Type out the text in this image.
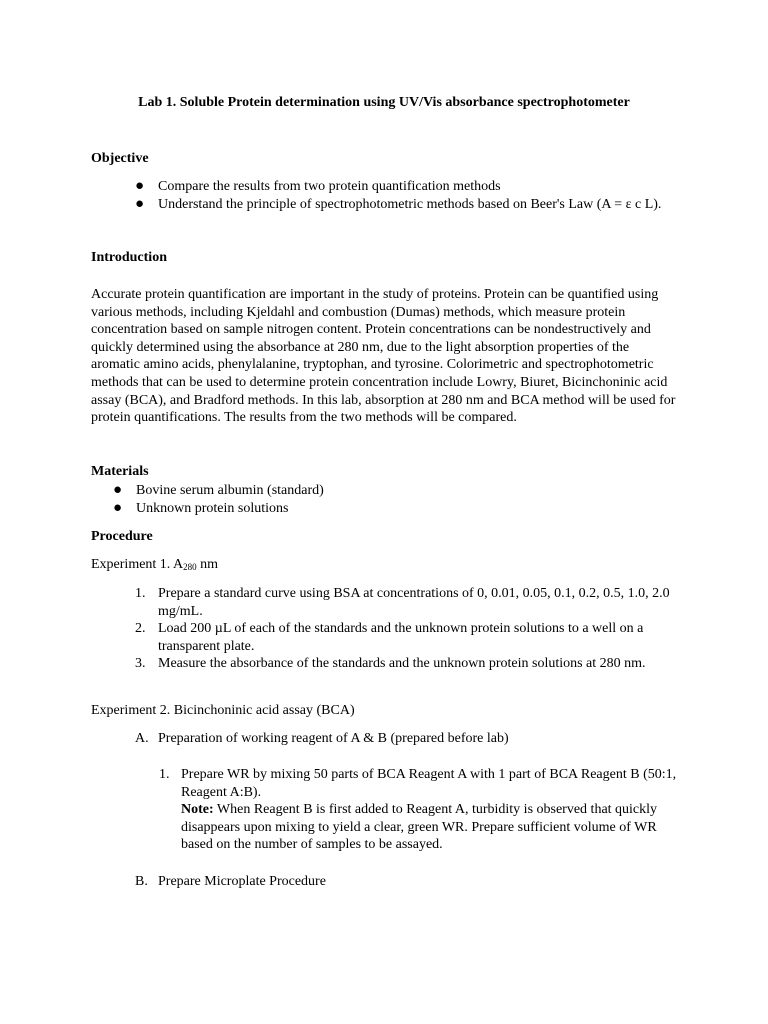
Lab 1. Soluble Protein determination using UV/Vis absorbance spectrophotometer

Objective

● Compare the results from two protein quantification methods
● Understand the principle of spectrophotometric methods based on Beer's Law (A = ε c L).

Introduction

Accurate protein quantification are important in the study of proteins. Protein can be quantified using various methods, including Kjeldahl and combustion (Dumas) methods, which measure protein concentration based on sample nitrogen content. Protein concentrations can be nondestructively and quickly determined using the absorbance at 280 nm, due to the light absorption properties of the aromatic amino acids, phenylalanine, tryptophan, and tyrosine. Colorimetric and spectrophotometric methods that can be used to determine protein concentration include Lowry, Biuret, Bicinchoninic acid assay (BCA), and Bradford methods. In this lab, absorption at 280 nm and BCA method will be used for protein quantifications. The results from the two methods will be compared.

Materials

● Bovine serum albumin (standard)
● Unknown protein solutions

Procedure

Experiment 1. $A_{280}$ nm

1. Prepare a standard curve using BSA at concentrations of 0, 0.01, 0.05, 0.1, 0.2, 0.5, 1.0, 2.0 mg/mL.
2. Load 200 µL of each of the standards and the unknown protein solutions to a well on a transparent plate.
3. Measure the absorbance of the standards and the unknown protein solutions at 280 nm.

Experiment 2. Bicinchoninic acid assay (BCA)

A. Preparation of working reagent of A & B (prepared before lab)
1. Prepare WR by mixing 50 parts of BCA Reagent A with 1 part of BCA Reagent B (50:1, Reagent A:B).
Note: When Reagent B is first added to Reagent A, turbidity is observed that quickly disappears upon mixing to yield a clear, green WR. Prepare sufficient volume of WR based on the number of samples to be assayed.
B. Prepare Microplate Procedure
